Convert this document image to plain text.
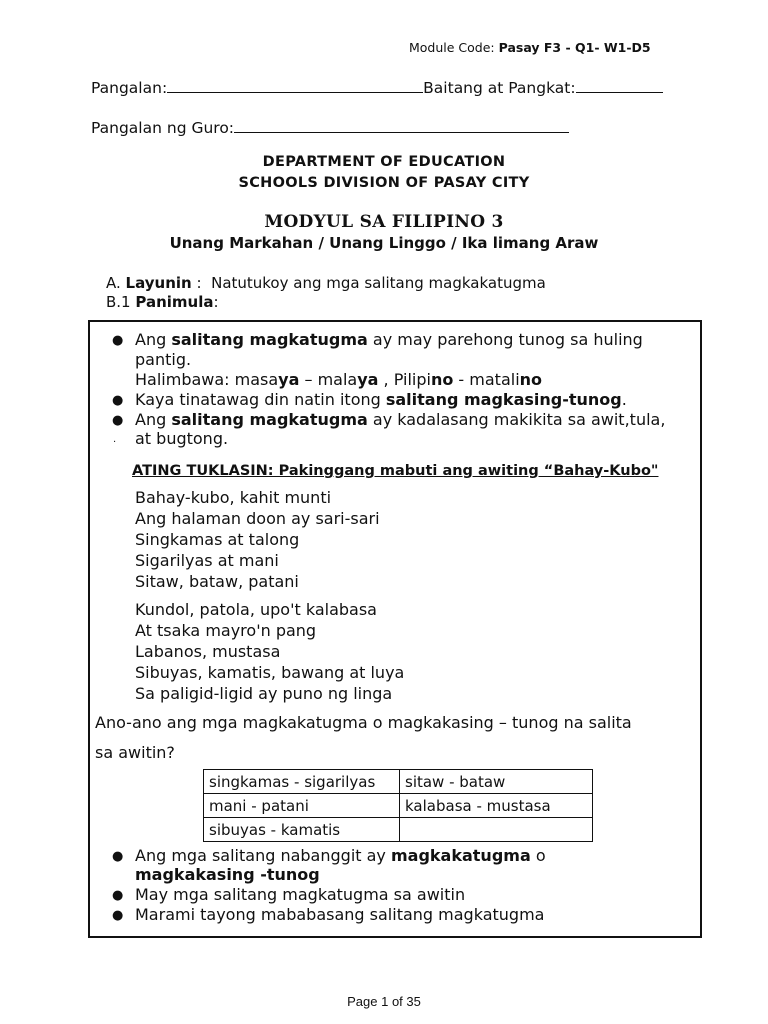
Module Code: Pasay F3 - Q1- W1-D5
Pangalan:	Baitang at Pangkat:
Pangalan ng Guro:
DEPARTMENT OF EDUCATION
SCHOOLS DIVISION OF PASAY CITY
MODYUL SA FILIPINO 3
Unang Markahan / Unang Linggo / Ika limang Araw
A. Layunin :  Natutukoy ang mga salitang magkakatugma
B.1 Panimula:
● Ang salitang magkatugma ay may parehong tunog sa huling
pantig.
Halimbawa: masaya – malaya , Pilipino - matalino
● Kaya tinatawag din natin itong salitang magkasing-tunog.
● Ang salitang magkatugma ay kadalasang makikita sa awit,tula,
. at bugtong.
ATING TUKLASIN: Pakinggang mabuti ang awiting “Bahay-Kubo"
Bahay-kubo, kahit munti
Ang halaman doon ay sari-sari
Singkamas at talong
Sigarilyas at mani
Sitaw, bataw, patani
Kundol, patola, upo't kalabasa
At tsaka mayro'n pang
Labanos, mustasa
Sibuyas, kamatis, bawang at luya
Sa paligid-ligid ay puno ng linga
Ano-ano ang mga magkakatugma o magkakasing – tunog na salita
sa awitin?
singkamas - sigarilyas	sitaw - bataw
mani - patani	kalabasa - mustasa
sibuyas - kamatis	
● Ang mga salitang nabanggit ay magkakatugma o
magkakasing -tunog
● May mga salitang magkatugma sa awitin
● Marami tayong mababasang salitang magkatugma
Page 1 of 35
